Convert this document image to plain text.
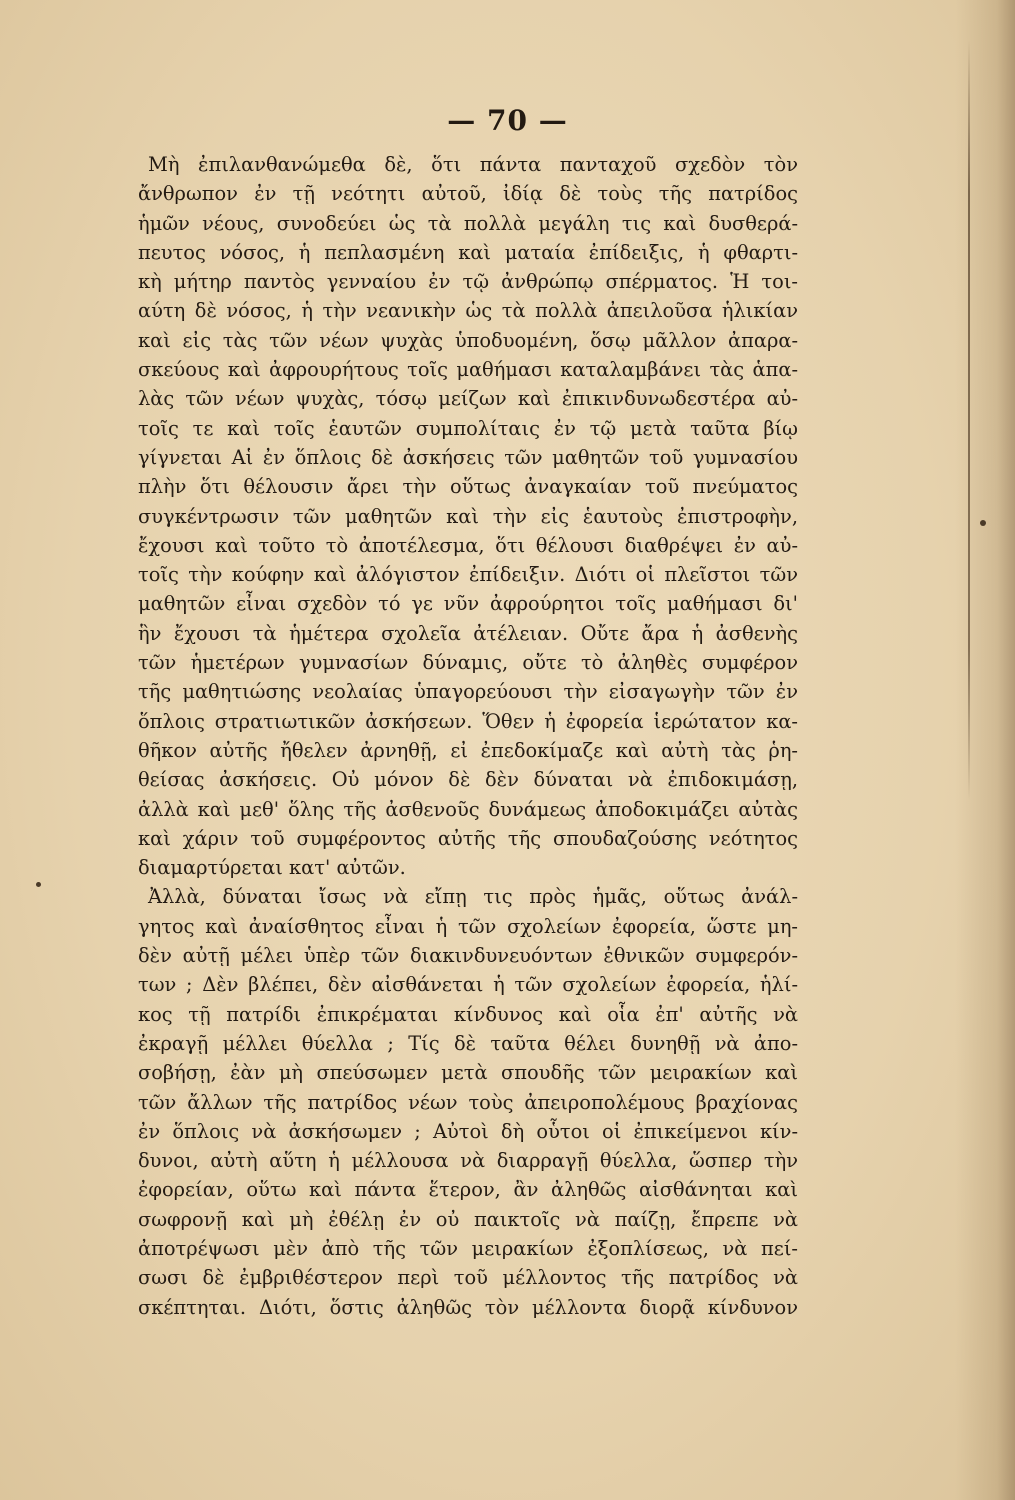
— 70 —
Μὴ ἐπιλανθανώμεθα δὲ, ὅτι πάντα πανταχοῦ σχεδὸν τὸν
ἄνθρωπον ἐν τῇ νεότητι αὐτοῦ, ἰδίᾳ δὲ τοὺς τῆς πατρίδος
ἡμῶν νέους, συνοδεύει ὡς τὰ πολλὰ μεγάλη τις καὶ δυσθερά-
πευτος νόσος, ἡ πεπλασμένη καὶ ματαία ἐπίδειξις, ἡ φθαρτι-
κὴ μήτηρ παντὸς γενναίου ἐν τῷ ἀνθρώπῳ σπέρματος. Ἡ τοι-
αύτη δὲ νόσος, ἡ τὴν νεανικὴν ὡς τὰ πολλὰ ἀπειλοῦσα ἡλικίαν
καὶ εἰς τὰς τῶν νέων ψυχὰς ὑποδυομένη, ὅσῳ μᾶλλον ἀπαρα-
σκεύους καὶ ἀφρουρήτους τοῖς μαθήμασι καταλαμβάνει τὰς ἁπα-
λὰς τῶν νέων ψυχὰς, τόσῳ μείζων καὶ ἐπικινδυνωδεστέρα αὐ-
τοῖς τε καὶ τοῖς ἑαυτῶν συμπολίταις ἐν τῷ μετὰ ταῦτα βίῳ
γίγνεται Αἱ ἐν ὅπλοις δὲ ἀσκήσεις τῶν μαθητῶν τοῦ γυμνασίου
πλὴν ὅτι θέλουσιν ἄρει τὴν οὕτως ἀναγκαίαν τοῦ πνεύματος
συγκέντρωσιν τῶν μαθητῶν καὶ τὴν εἰς ἑαυτοὺς ἐπιστροφὴν,
ἔχουσι καὶ τοῦτο τὸ ἀποτέλεσμα, ὅτι θέλουσι διαθρέψει ἐν αὐ-
τοῖς τὴν κούφην καὶ ἀλόγιστον ἐπίδειξιν. Διότι οἱ πλεῖστοι τῶν
μαθητῶν εἶναι σχεδὸν τό γε νῦν ἀφρούρητοι τοῖς μαθήμασι δι'
ἣν ἔχουσι τὰ ἡμέτερα σχολεῖα ἀτέλειαν. Οὔτε ἄρα ἡ ἀσθενὴς
τῶν ἡμετέρων γυμνασίων δύναμις, οὔτε τὸ ἀληθὲς συμφέρον
τῆς μαθητιώσης νεολαίας ὑπαγορεύουσι τὴν εἰσαγωγὴν τῶν ἐν
ὅπλοις στρατιωτικῶν ἀσκήσεων. Ὅθεν ἡ ἐφορεία ἱερώτατον κα-
θῆκον αὐτῆς ἤθελεν ἀρνηθῇ, εἰ ἐπεδοκίμαζε καὶ αὐτὴ τὰς ῥη-
θείσας ἀσκήσεις. Οὐ μόνον δὲ δὲν δύναται νὰ ἐπιδοκιμάσῃ,
ἀλλὰ καὶ μεθ' ὅλης τῆς ἀσθενοῦς δυνάμεως ἀποδοκιμάζει αὐτὰς
καὶ χάριν τοῦ συμφέροντος αὐτῆς τῆς σπουδαζούσης νεότητος
διαμαρτύρεται κατ' αὐτῶν.
Ἀλλὰ, δύναται ἴσως νὰ εἴπῃ τις πρὸς ἡμᾶς, οὕτως ἀνάλ-
γητος καὶ ἀναίσθητος εἶναι ἡ τῶν σχολείων ἐφορεία, ὥστε μη-
δὲν αὐτῇ μέλει ὑπὲρ τῶν διακινδυνευόντων ἐθνικῶν συμφερόν-
των ; Δὲν βλέπει, δὲν αἰσθάνεται ἡ τῶν σχολείων ἐφορεία, ἡλί-
κος τῇ πατρίδι ἐπικρέμαται κίνδυνος καὶ οἷα ἐπ' αὐτῆς νὰ
ἐκραγῇ μέλλει θύελλα ; Τίς δὲ ταῦτα θέλει δυνηθῇ νὰ ἀπο-
σοβήσῃ, ἐὰν μὴ σπεύσωμεν μετὰ σπουδῆς τῶν μειρακίων καὶ
τῶν ἄλλων τῆς πατρίδος νέων τοὺς ἀπειροπολέμους βραχίονας
ἐν ὅπλοις νὰ ἀσκήσωμεν ; Αὐτοὶ δὴ οὗτοι οἱ ἐπικείμενοι κίν-
δυνοι, αὐτὴ αὕτη ἡ μέλλουσα νὰ διαρραγῇ θύελλα, ὥσπερ τὴν
ἐφορείαν, οὕτω καὶ πάντα ἕτερον, ἂν ἀληθῶς αἰσθάνηται καὶ
σωφρονῇ καὶ μὴ ἐθέλῃ ἐν οὐ παικτοῖς νὰ παίζῃ, ἔπρεπε νὰ
ἀποτρέψωσι μὲν ἀπὸ τῆς τῶν μειρακίων ἐξοπλίσεως, νὰ πεί-
σωσι δὲ ἐμβριθέστερον περὶ τοῦ μέλλοντος τῆς πατρίδος νὰ
σκέπτηται. Διότι, ὅστις ἀληθῶς τὸν μέλλοντα διορᾷ κίνδυνον
